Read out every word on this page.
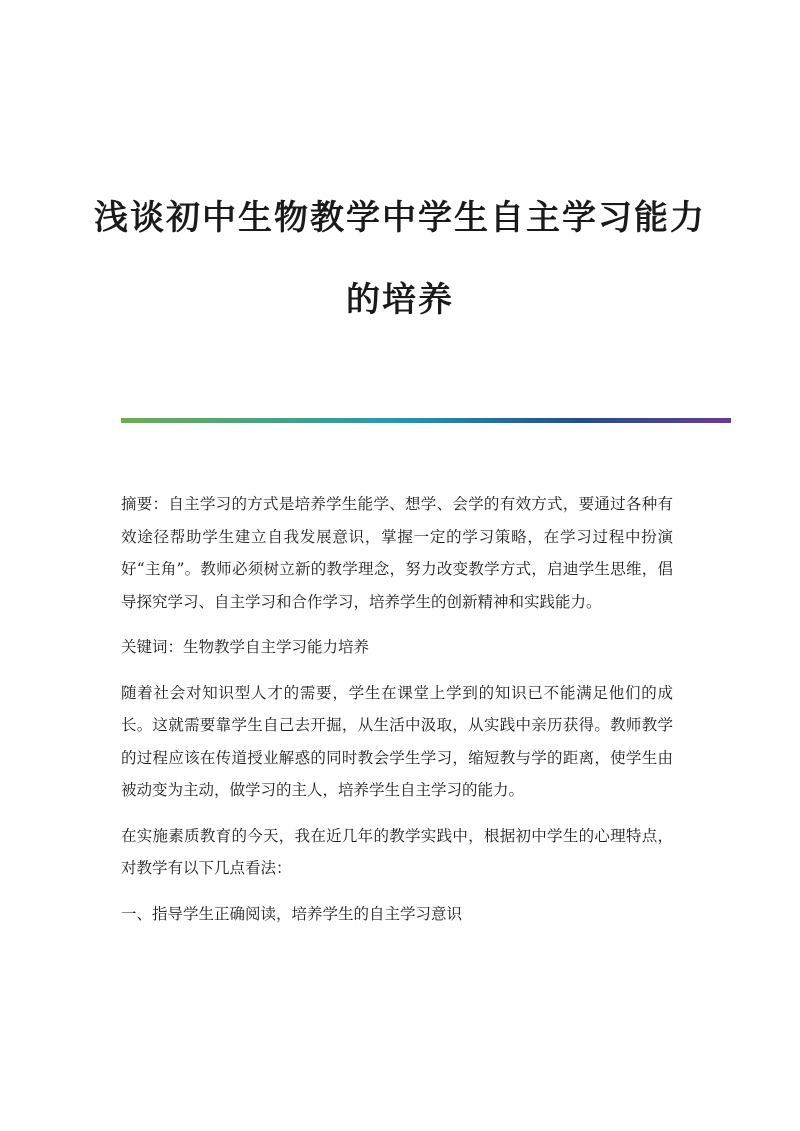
浅谈初中生物教学中学生自主学习能力
的培养

摘要：自主学习的方式是培养学生能学、想学、会学的有效方式，要通过各种有效途径帮助学生建立自我发展意识，掌握一定的学习策略，在学习过程中扮演好“主角”。教师必须树立新的教学理念，努力改变教学方式，启迪学生思维，倡导探究学习、自主学习和合作学习，培养学生的创新精神和实践能力。

关键词：生物教学自主学习能力培养

随着社会对知识型人才的需要，学生在课堂上学到的知识已不能满足他们的成长。这就需要靠学生自己去开掘，从生活中汲取，从实践中亲历获得。教师教学的过程应该在传道授业解惑的同时教会学生学习，缩短教与学的距离，使学生由被动变为主动，做学习的主人，培养学生自主学习的能力。

在实施素质教育的今天，我在近几年的教学实践中，根据初中学生的心理特点，对教学有以下几点看法：

一、指导学生正确阅读，培养学生的自主学习意识
